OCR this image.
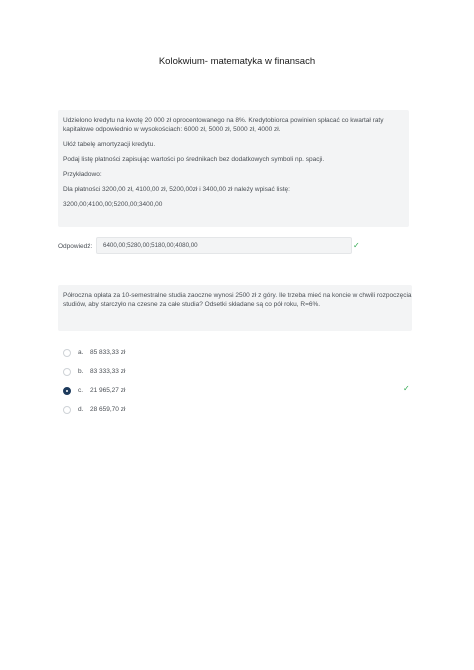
Kolokwium- matematyka w finansach

Udzielono kredytu na kwotę 20 000 zł oprocentowanego na 8%. Kredytobiorca powinien spłacać co kwartał raty kapitałowe odpowiednio w wysokościach: 6000 zł, 5000 zł, 5000 zł, 4000 zł.

Ułóż tabelę amortyzacji kredytu.

Podaj listę płatności zapisując wartości po średnikach bez dodatkowych symboli np. spacji.

Przykładowo:

Dla płatności 3200,00 zł, 4100,00 zł, 5200,00zł i 3400,00 zł należy wpisać listę:

3200,00;4100,00;5200,00;3400,00

Odpowiedź:	6400,00;5280,00;5180,00;4080,00	✓

Półroczna opłata za 10-semestralne studia zaoczne wynosi 2500 zł z góry. Ile trzeba mieć na koncie w chwili rozpoczęcia studiów, aby starczyło na czesne za całe studia? Odsetki składane są co pół roku, R=6%.

a. 85 833,33 zł
b. 83 333,33 zł
c. 21 965,27 zł
d. 28 659,70 zł
✓
